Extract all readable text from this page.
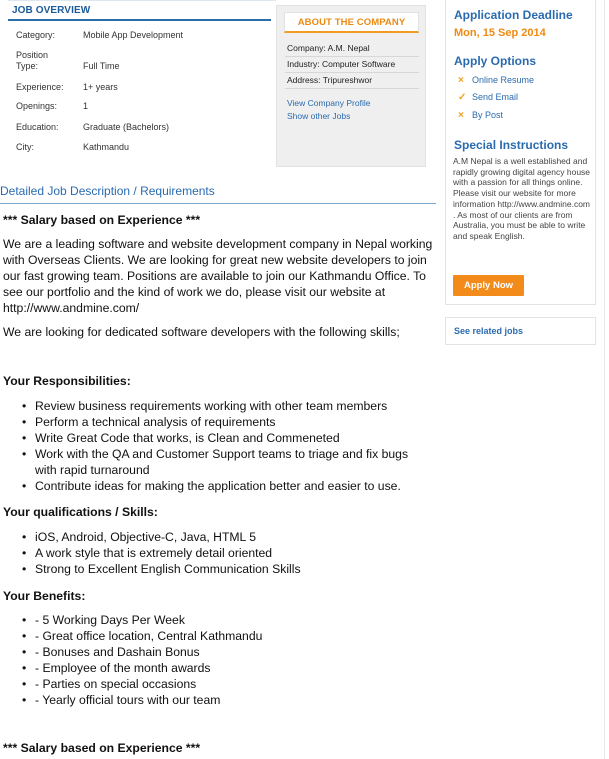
JOB OVERVIEW
Category:	Mobile App Development
Position Type:	Full Time
Experience:	1+ years
Openings:	1
Education:	Graduate (Bachelors)
City:	Kathmandu
ABOUT THE COMPANY
Company: A.M. Nepal
Industry: Computer Software
Address: Tripureshwor
View Company Profile
Show other Jobs
Detailed Job Description / Requirements
*** Salary based on Experience ***
We are a leading software and website development company in Nepal working with Overseas Clients. We are looking for great new website developers to join our fast growing team. Positions are available to join our Kathmandu Office. To see our portfolio and the kind of work we do, please visit our website at http://www.andmine.com/
We are looking for dedicated software developers with the following skills;
Your Responsibilities:
• Review business requirements working with other team members
• Perform a technical analysis of requirements
• Write Great Code that works, is Clean and Commeneted
• Work with the QA and Customer Support teams to triage and fix bugs with rapid turnaround
• Contribute ideas for making the application better and easier to use.
Your qualifications / Skills:
• iOS, Android, Objective-C, Java, HTML 5
• A work style that is extremely detail oriented
• Strong to Excellent English Communication Skills
Your Benefits:
• - 5 Working Days Per Week
• - Great office location, Central Kathmandu
• - Bonuses and Dashain Bonus
• - Employee of the month awards
• - Parties on special occasions
• - Yearly official tours with our team
*** Salary based on Experience ***
Application Deadline
Mon, 15 Sep 2014
Apply Options
× Online Resume
✓ Send Email
× By Post
Special Instructions
A.M Nepal is a well established and rapidly growing digital agency house with a passion for all things online. Please visit our website for more information http://www.andmine.com . As most of our clients are from Australia, you must be able to write and speak English.
Apply Now
See related jobs
